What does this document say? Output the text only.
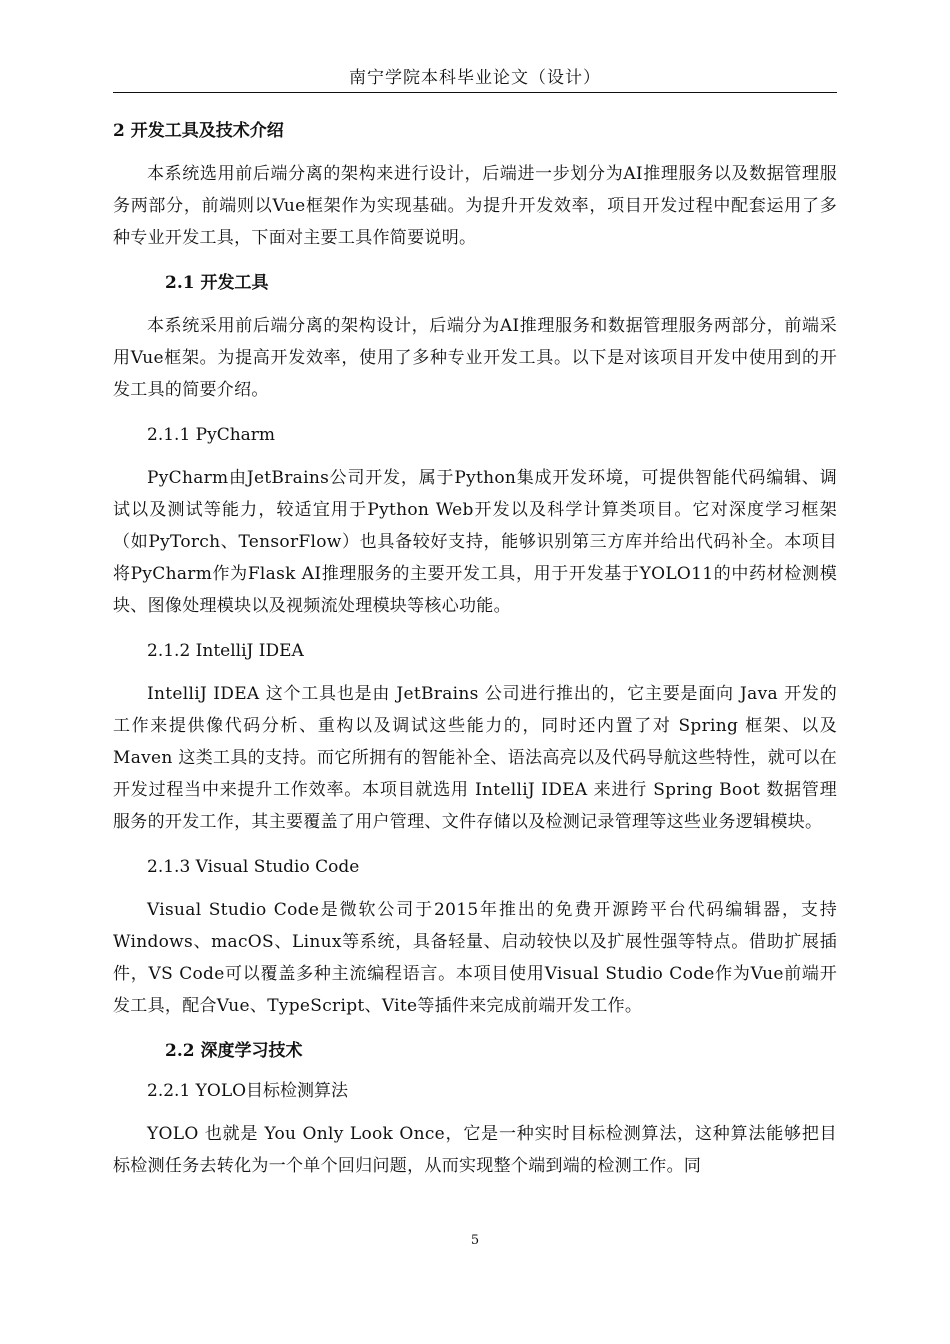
南宁学院本科毕业论文（设计）

2 开发工具及技术介绍

本系统选用前后端分离的架构来进行设计，后端进一步划分为AI推理服务以及数据管理服务两部分，前端则以Vue框架作为实现基础。为提升开发效率，项目开发过程中配套运用了多种专业开发工具，下面对主要工具作简要说明。

2.1 开发工具

本系统采用前后端分离的架构设计，后端分为AI推理服务和数据管理服务两部分，前端采用Vue框架。为提高开发效率，使用了多种专业开发工具。以下是对该项目开发中使用到的开发工具的简要介绍。

2.1.1 PyCharm

PyCharm由JetBrains公司开发，属于Python集成开发环境，可提供智能代码编辑、调试以及测试等能力，较适宜用于Python Web开发以及科学计算类项目。它对深度学习框架（如PyTorch、TensorFlow）也具备较好支持，能够识别第三方库并给出代码补全。本项目将PyCharm作为Flask AI推理服务的主要开发工具，用于开发基于YOLO11的中药材检测模块、图像处理模块以及视频流处理模块等核心功能。

2.1.2 IntelliJ IDEA

IntelliJ IDEA 这个工具也是由 JetBrains 公司进行推出的，它主要是面向 Java 开发的工作来提供像代码分析、重构以及调试这些能力的，同时还内置了对 Spring 框架、以及 Maven 这类工具的支持。而它所拥有的智能补全、语法高亮以及代码导航这些特性，就可以在开发过程当中来提升工作效率。本项目就选用 IntelliJ IDEA 来进行 Spring Boot 数据管理服务的开发工作，其主要覆盖了用户管理、文件存储以及检测记录管理等这些业务逻辑模块。

2.1.3 Visual Studio Code

Visual Studio Code是微软公司于2015年推出的免费开源跨平台代码编辑器，支持Windows、macOS、Linux等系统，具备轻量、启动较快以及扩展性强等特点。借助扩展插件，VS Code可以覆盖多种主流编程语言。本项目使用Visual Studio Code作为Vue前端开发工具，配合Vue、TypeScript、Vite等插件来完成前端开发工作。

2.2 深度学习技术

2.2.1 YOLO目标检测算法

YOLO 也就是 You Only Look Once，它是一种实时目标检测算法，这种算法能够把目标检测任务去转化为一个单个回归问题，从而实现整个端到端的检测工作。同

5
